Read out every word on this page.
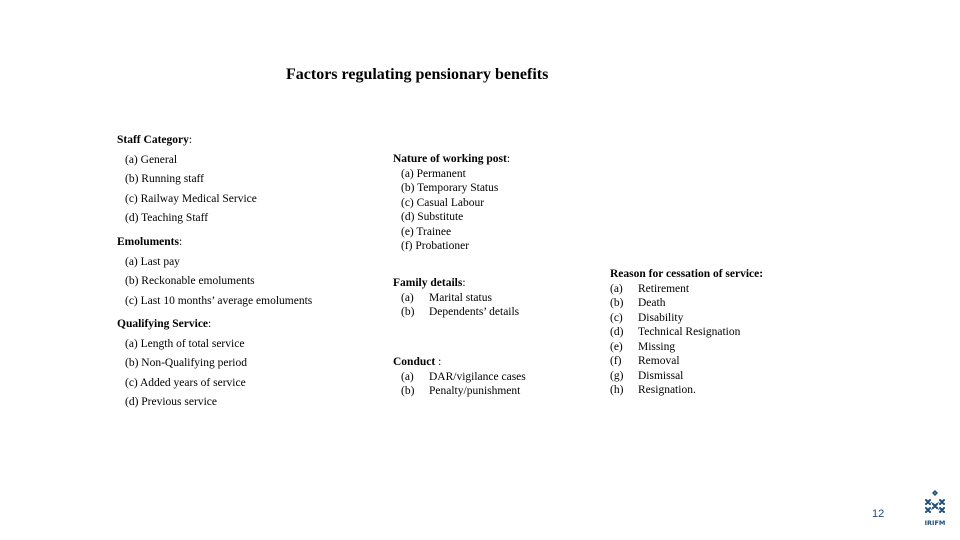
Factors regulating pensionary benefits
Staff Category:
(a) General
(b) Running staff
(c) Railway Medical Service
(d) Teaching Staff
Emoluments:
(a) Last pay
(b) Reckonable emoluments
(c) Last 10 months’ average emoluments
Qualifying Service:
(a) Length of total service
(b) Non-Qualifying period
(c) Added years of service
(d) Previous service
Nature of working post:
(a) Permanent
(b) Temporary Status
(c) Casual Labour
(d) Substitute
(e) Trainee
(f) Probationer
Family details:
(a)	Marital status
(b)	Dependents’ details
Conduct :
(a)	DAR/vigilance cases
(b)	Penalty/punishment
Reason for cessation of service:
(a)	Retirement
(b)	Death
(c)	Disability
(d)	Technical Resignation
(e)	Missing
(f)	Removal
(g)	Dismissal
(h)	Resignation.
12
IRIFM
